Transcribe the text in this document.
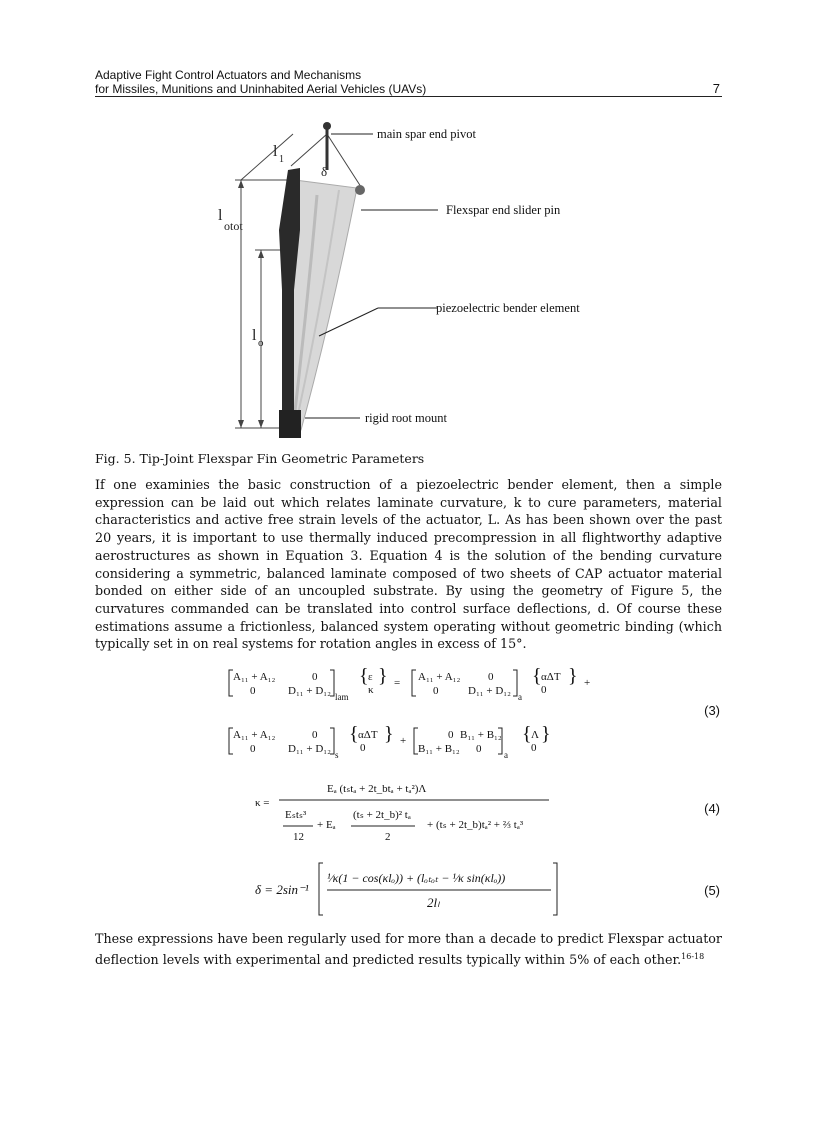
Adaptive Fight Control Actuators and Mechanisms
for Missiles, Munitions and Uninhabited Aerial Vehicles (UAVs)	7
main spar end pivot
Flexspar end slider pin
piezoelectric bender element
rigid root mount
l 1
δ
l
otot
l o
Fig. 5. Tip-Joint Flexspar Fin Geometric Parameters

If one examinies the basic construction of a piezoelectric bender element, then a simple expression can be laid out which relates laminate curvature, k to cure parameters, material characteristics and active free strain levels of the actuator, L. As has been shown over the past 20 years, it is important to use thermally induced precompression in all flightworthy adaptive aerostructures as shown in Equation 3. Equation 4 is the solution of the bending curvature considering a symmetric, balanced laminate composed of two sheets of CAP actuator material bonded on either side of an uncoupled substrate. By using the geometry of Figure 5, the curvatures commanded can be translated into control surface deflections, d. Of course these estimations assume a frictionless, balanced system operating without geometric binding (which typically set in on real systems for rotation angles in excess of 15°.

A₁₁ + A₁₂	0
0	D₁₁ + D₁₂ lam
{ ε
κ
} = A₁₁ + A₁₂	0
0	D₁₁ + D₁₂ a
{ αΔT
0
} +
A₁₁ + A₁₂	0
0	D₁₁ + D₁₂ s
{ αΔT
0
} +	0 B₁₁ + B₁₂
B₁₁ + B₁₂ 0	a
{ Λ
0
}
(3)
κ =
Eₐ (tₛtₐ + 2t_btₐ + tₐ²)Λ
Eₛtₛ³
12
+ Eₐ
(tₛ + 2t_b)² tₐ
2
+ (tₛ + 2t_b)tₐ² + ⅔ tₐ³
(4)
δ = 2sin⁻¹
¹⁄κ(1 − cos(κlₒ)) + (lₒₜₒₜ − ¹⁄κ sin(κlₒ))
2lₗ
(5)

These expressions have been regularly used for more than a decade to predict Flexspar actuator deflection levels with experimental and predicted results typically within 5% of each other.$^{16-18}$
